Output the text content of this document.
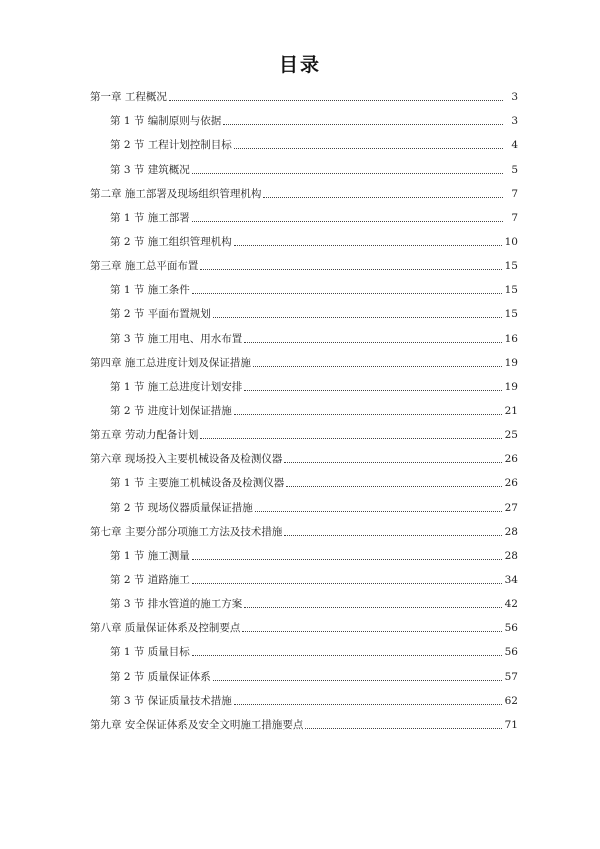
目录
第一章 工程概况	3
第 1 节 编制原则与依据	3
第 2 节 工程计划控制目标	4
第 3 节 建筑概况	5
第二章 施工部署及现场组织管理机构	7
第 1 节 施工部署	7
第 2 节 施工组织管理机构	10
第三章 施工总平面布置	15
第 1 节 施工条件	15
第 2 节 平面布置规划	15
第 3 节 施工用电、用水布置	16
第四章 施工总进度计划及保证措施	19
第 1 节 施工总进度计划安排	19
第 2 节 进度计划保证措施	21
第五章 劳动力配备计划	25
第六章 现场投入主要机械设备及检测仪器	26
第 1 节 主要施工机械设备及检测仪器	26
第 2 节 现场仪器质量保证措施	27
第七章 主要分部分项施工方法及技术措施	28
第 1 节 施工测量	28
第 2 节 道路施工	34
第 3 节 排水管道的施工方案	42
第八章 质量保证体系及控制要点	56
第 1 节 质量目标	56
第 2 节 质量保证体系	57
第 3 节 保证质量技术措施	62
第九章 安全保证体系及安全文明施工措施要点	71
